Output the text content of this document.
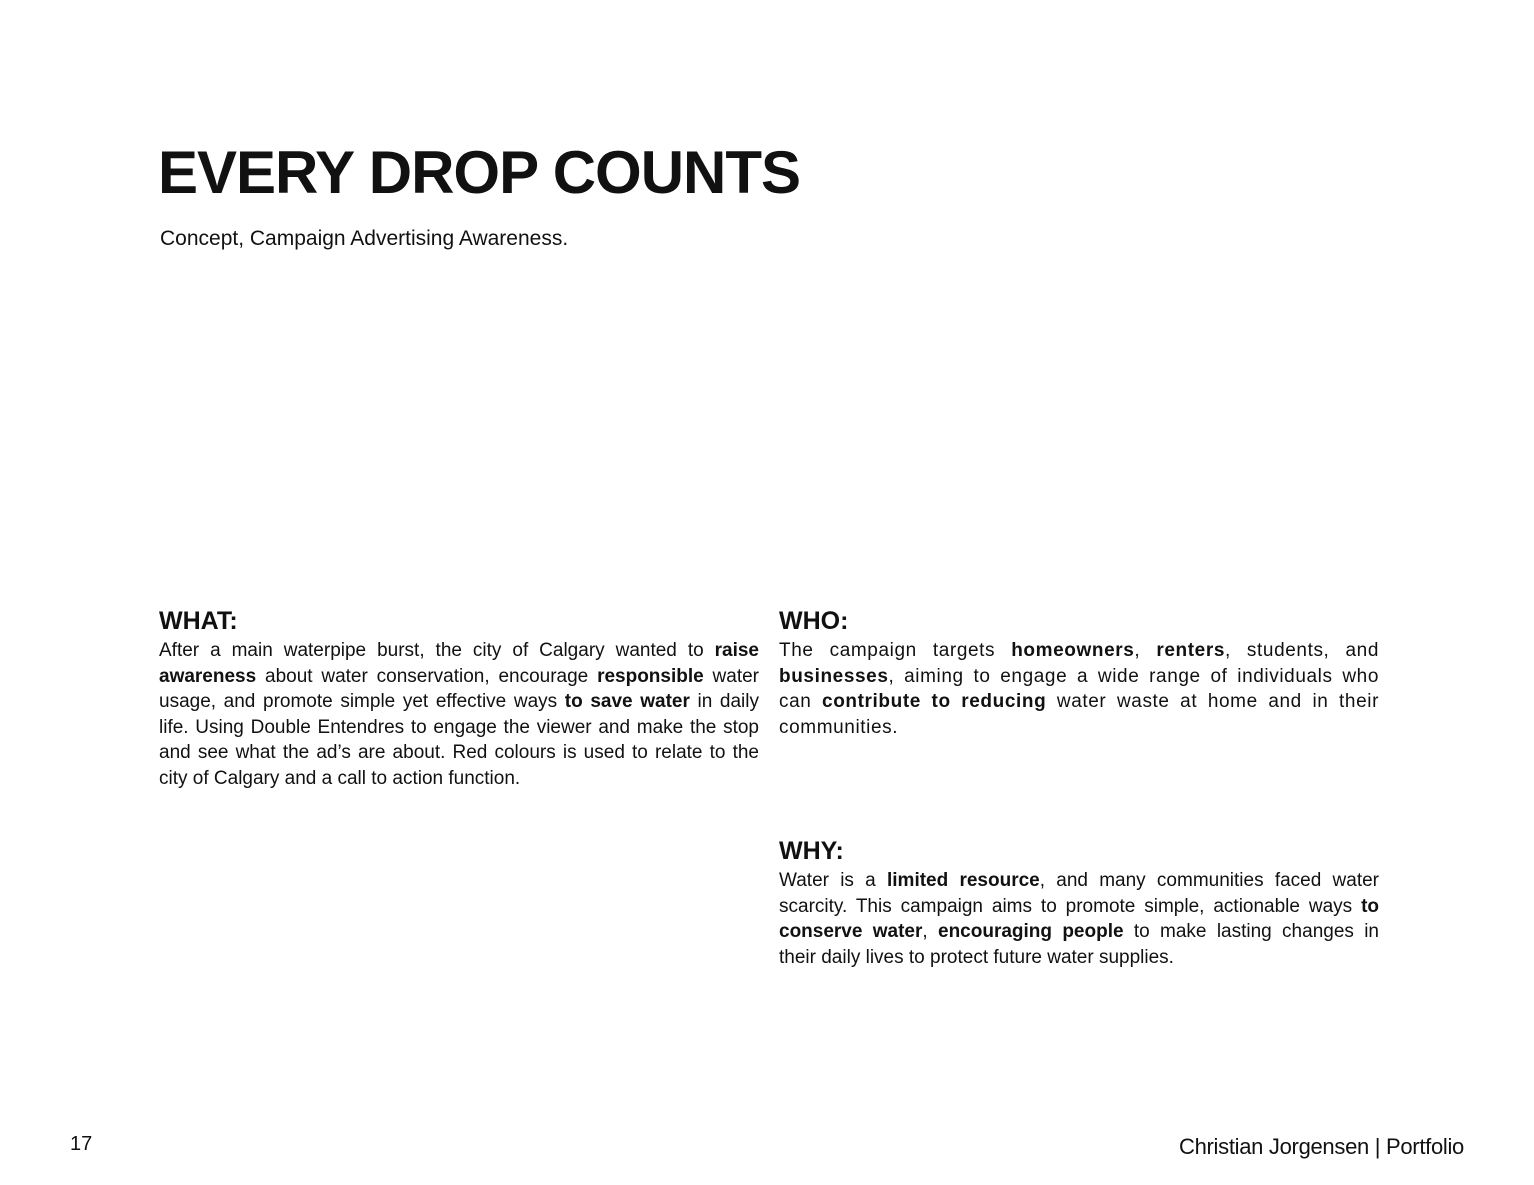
EVERY DROP COUNTS

Concept, Campaign Advertising Awareness.

WHAT:

After a main waterpipe burst, the city of Calgary wanted to raise awareness about water conservation, encourage responsible water usage, and promote simple yet effective ways to save water in daily life. Using Double Entendres to engage the viewer and make the stop and see what the ad’s are about. Red colours is used to relate to the city of Calgary and a call to action function.

WHO:

The campaign targets homeowners, renters, students, and businesses, aiming to engage a wide range of individuals who can contribute to reducing water waste at home and in their communities.

WHY:

Water is a limited resource, and many communities faced water scarcity. This campaign aims to promote simple, actionable ways to conserve water, encouraging people to make lasting changes in their daily lives to protect future water supplies.

17	Christian Jorgensen | Portfolio
